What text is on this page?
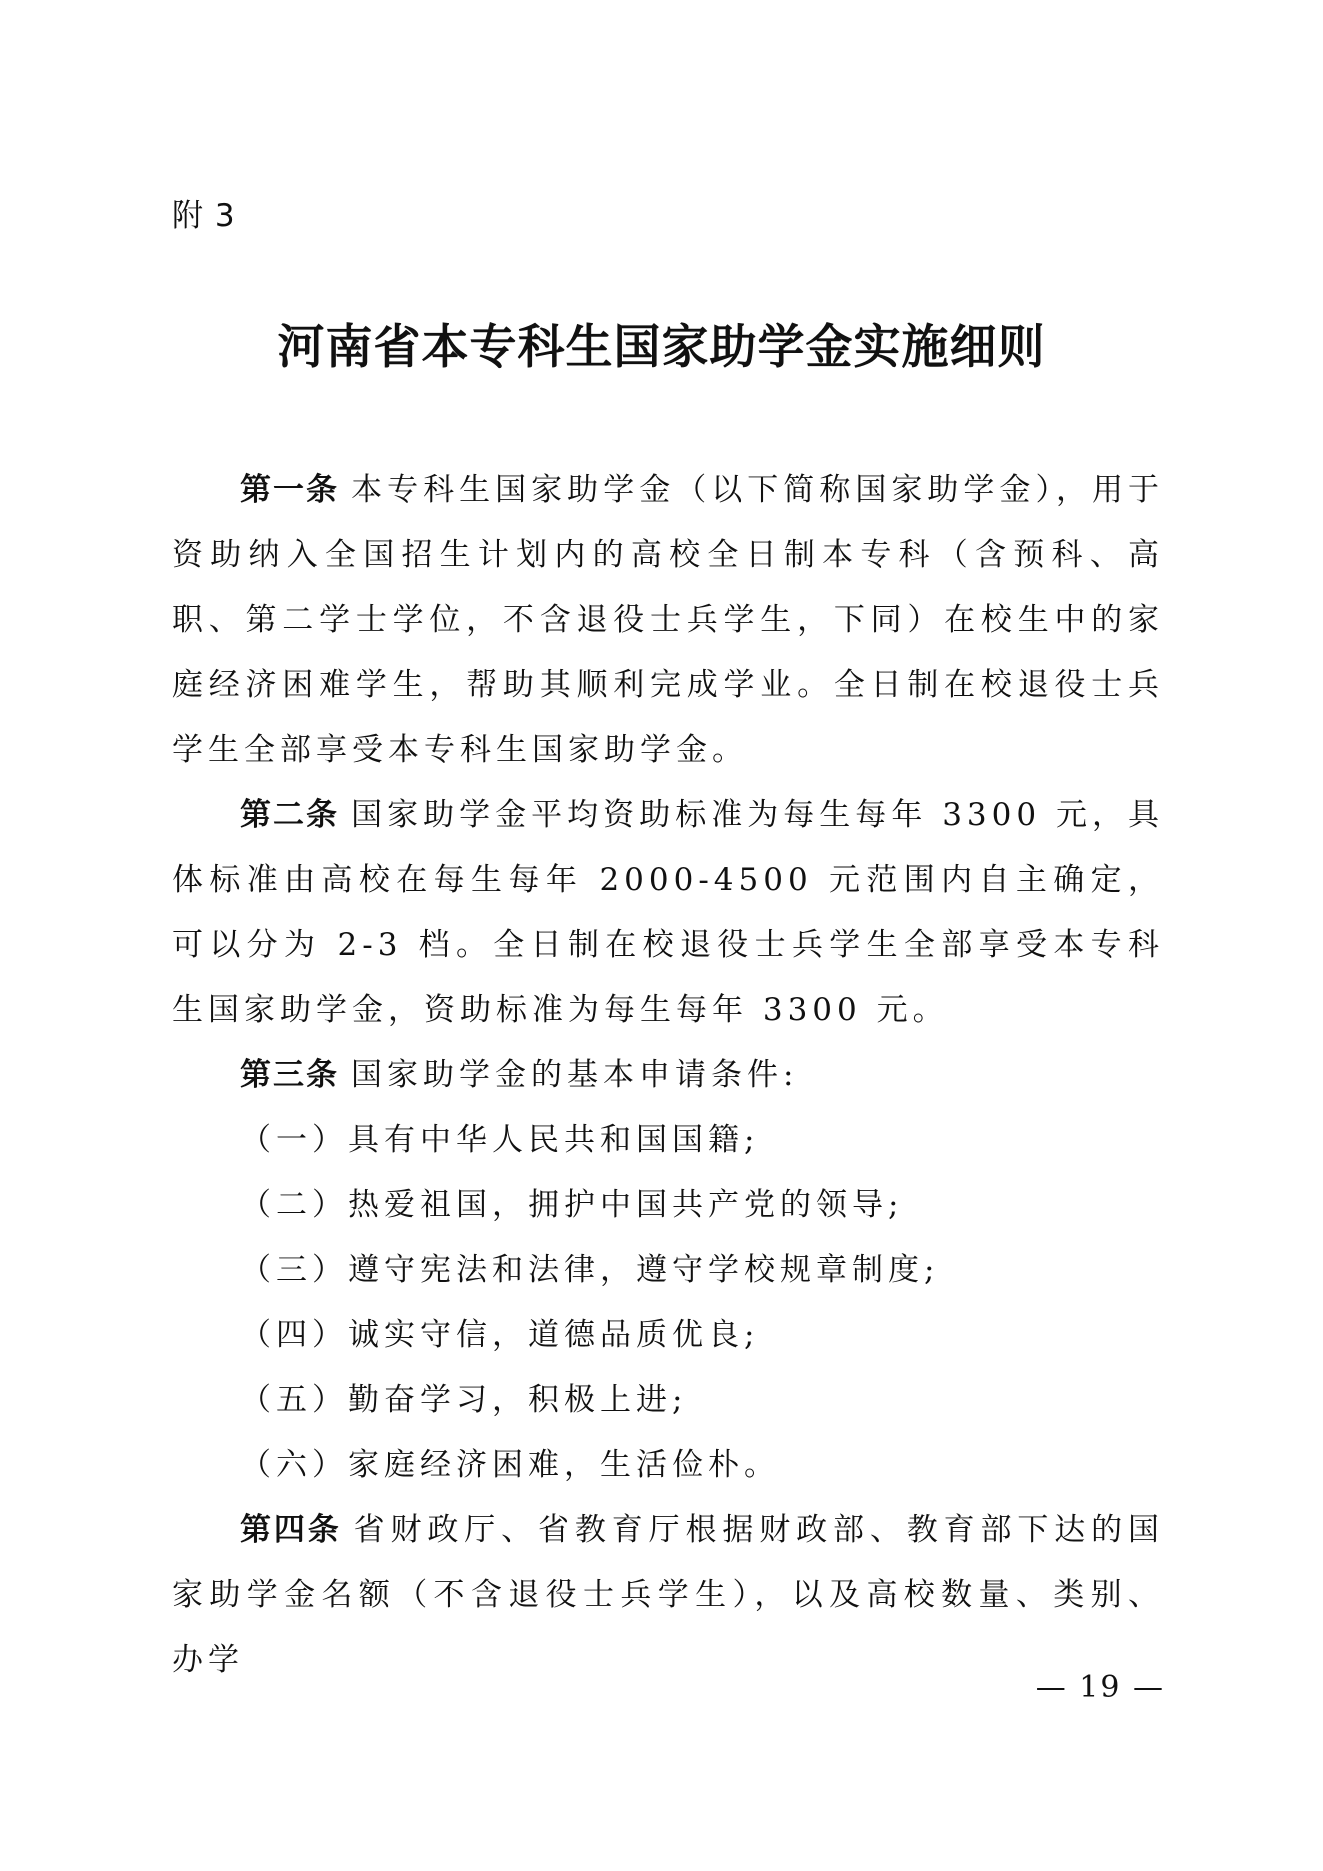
附 3
河南省本专科生国家助学金实施细则

第一条 本专科生国家助学金（以下简称国家助学金），用于资助纳入全国招生计划内的高校全日制本专科（含预科、高职、第二学士学位，不含退役士兵学生，下同）在校生中的家庭经济困难学生，帮助其顺利完成学业。全日制在校退役士兵学生全部享受本专科生国家助学金。

第二条 国家助学金平均资助标准为每生每年 3300 元，具体标准由高校在每生每年 2000-4500 元范围内自主确定，可以分为 2-3 档。全日制在校退役士兵学生全部享受本专科生国家助学金，资助标准为每生每年 3300 元。

第三条 国家助学金的基本申请条件:

（一）具有中华人民共和国国籍;

（二）热爱祖国，拥护中国共产党的领导;

（三）遵守宪法和法律，遵守学校规章制度;

（四）诚实守信，道德品质优良;

（五）勤奋学习，积极上进;

（六）家庭经济困难，生活俭朴。

第四条 省财政厅、省教育厅根据财政部、教育部下达的国家助学金名额（不含退役士兵学生），以及高校数量、类别、办学

— 19 —
